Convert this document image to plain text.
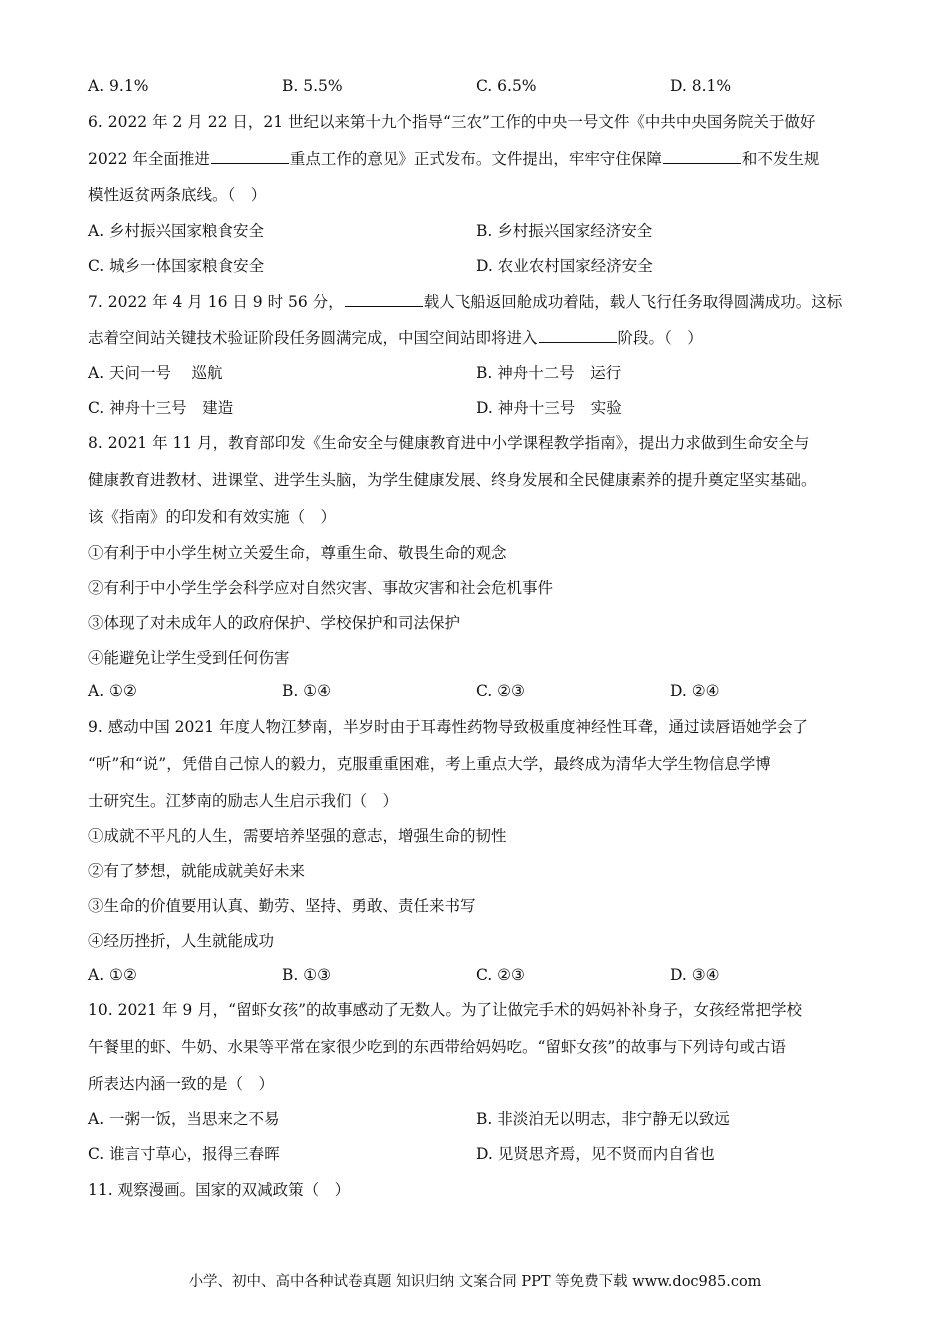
A. 9.1%	B. 5.5%	C. 6.5%	D. 8.1%
6. 2022 年 2 月 22 日，21 世纪以来第十九个指导“三农”工作的中央一号文件《中共中央国务院关于做好
2022 年全面推进	重点工作的意见》正式发布。文件提出，牢牢守住保障	和不发生规
模性返贫两条底线。（　）
A. 乡村振兴国家粮食安全	B. 乡村振兴国家经济安全
C. 城乡一体国家粮食安全	D. 农业农村国家经济安全
7. 2022 年 4 月 16 日 9 时 56 分，	载人飞船返回舱成功着陆，载人飞行任务取得圆满成功。这标
志着空间站关键技术验证阶段任务圆满完成，中国空间站即将进入	阶段。（　）
A. 天问一号　 巡航	B. 神舟十二号　运行
C. 神舟十三号　建造	D. 神舟十三号　实验
8. 2021 年 11 月，教育部印发《生命安全与健康教育进中小学课程教学指南》，提出力求做到生命安全与
健康教育进教材、进课堂、进学生头脑，为学生健康发展、终身发展和全民健康素养的提升奠定坚实基础。
该《指南》的印发和有效实施（　）
①有利于中小学生树立关爱生命，尊重生命、敬畏生命的观念
②有利于中小学生学会科学应对自然灾害、事故灾害和社会危机事件
③体现了对未成年人的政府保护、学校保护和司法保护
④能避免让学生受到任何伤害
A. ①②	B. ①④	C. ②③	D. ②④
9. 感动中国 2021 年度人物江梦南，半岁时由于耳毒性药物导致极重度神经性耳聋，通过读唇语她学会了
“听”和“说”，凭借自己惊人的毅力，克服重重困难，考上重点大学，最终成为清华大学生物信息学博
士研究生。江梦南的励志人生启示我们（　）
①成就不平凡的人生，需要培养坚强的意志，增强生命的韧性
②有了梦想，就能成就美好未来
③生命的价值要用认真、勤劳、坚持、勇敢、责任来书写
④经历挫折，人生就能成功
A. ①②	B. ①③	C. ②③	D. ③④
10. 2021 年 9 月，“留虾女孩”的故事感动了无数人。为了让做完手术的妈妈补补身子，女孩经常把学校
午餐里的虾、牛奶、水果等平常在家很少吃到的东西带给妈妈吃。“留虾女孩”的故事与下列诗句或古语
所表达内涵一致的是（　）
A. 一粥一饭，当思来之不易	B. 非淡泊无以明志，非宁静无以致远
C. 谁言寸草心，报得三春晖	D. 见贤思齐焉，见不贤而内自省也
11. 观察漫画。国家的双减政策（　）
小学、初中、高中各种试卷真题 知识归纳 文案合同 PPT 等免费下载 www.doc985.com
